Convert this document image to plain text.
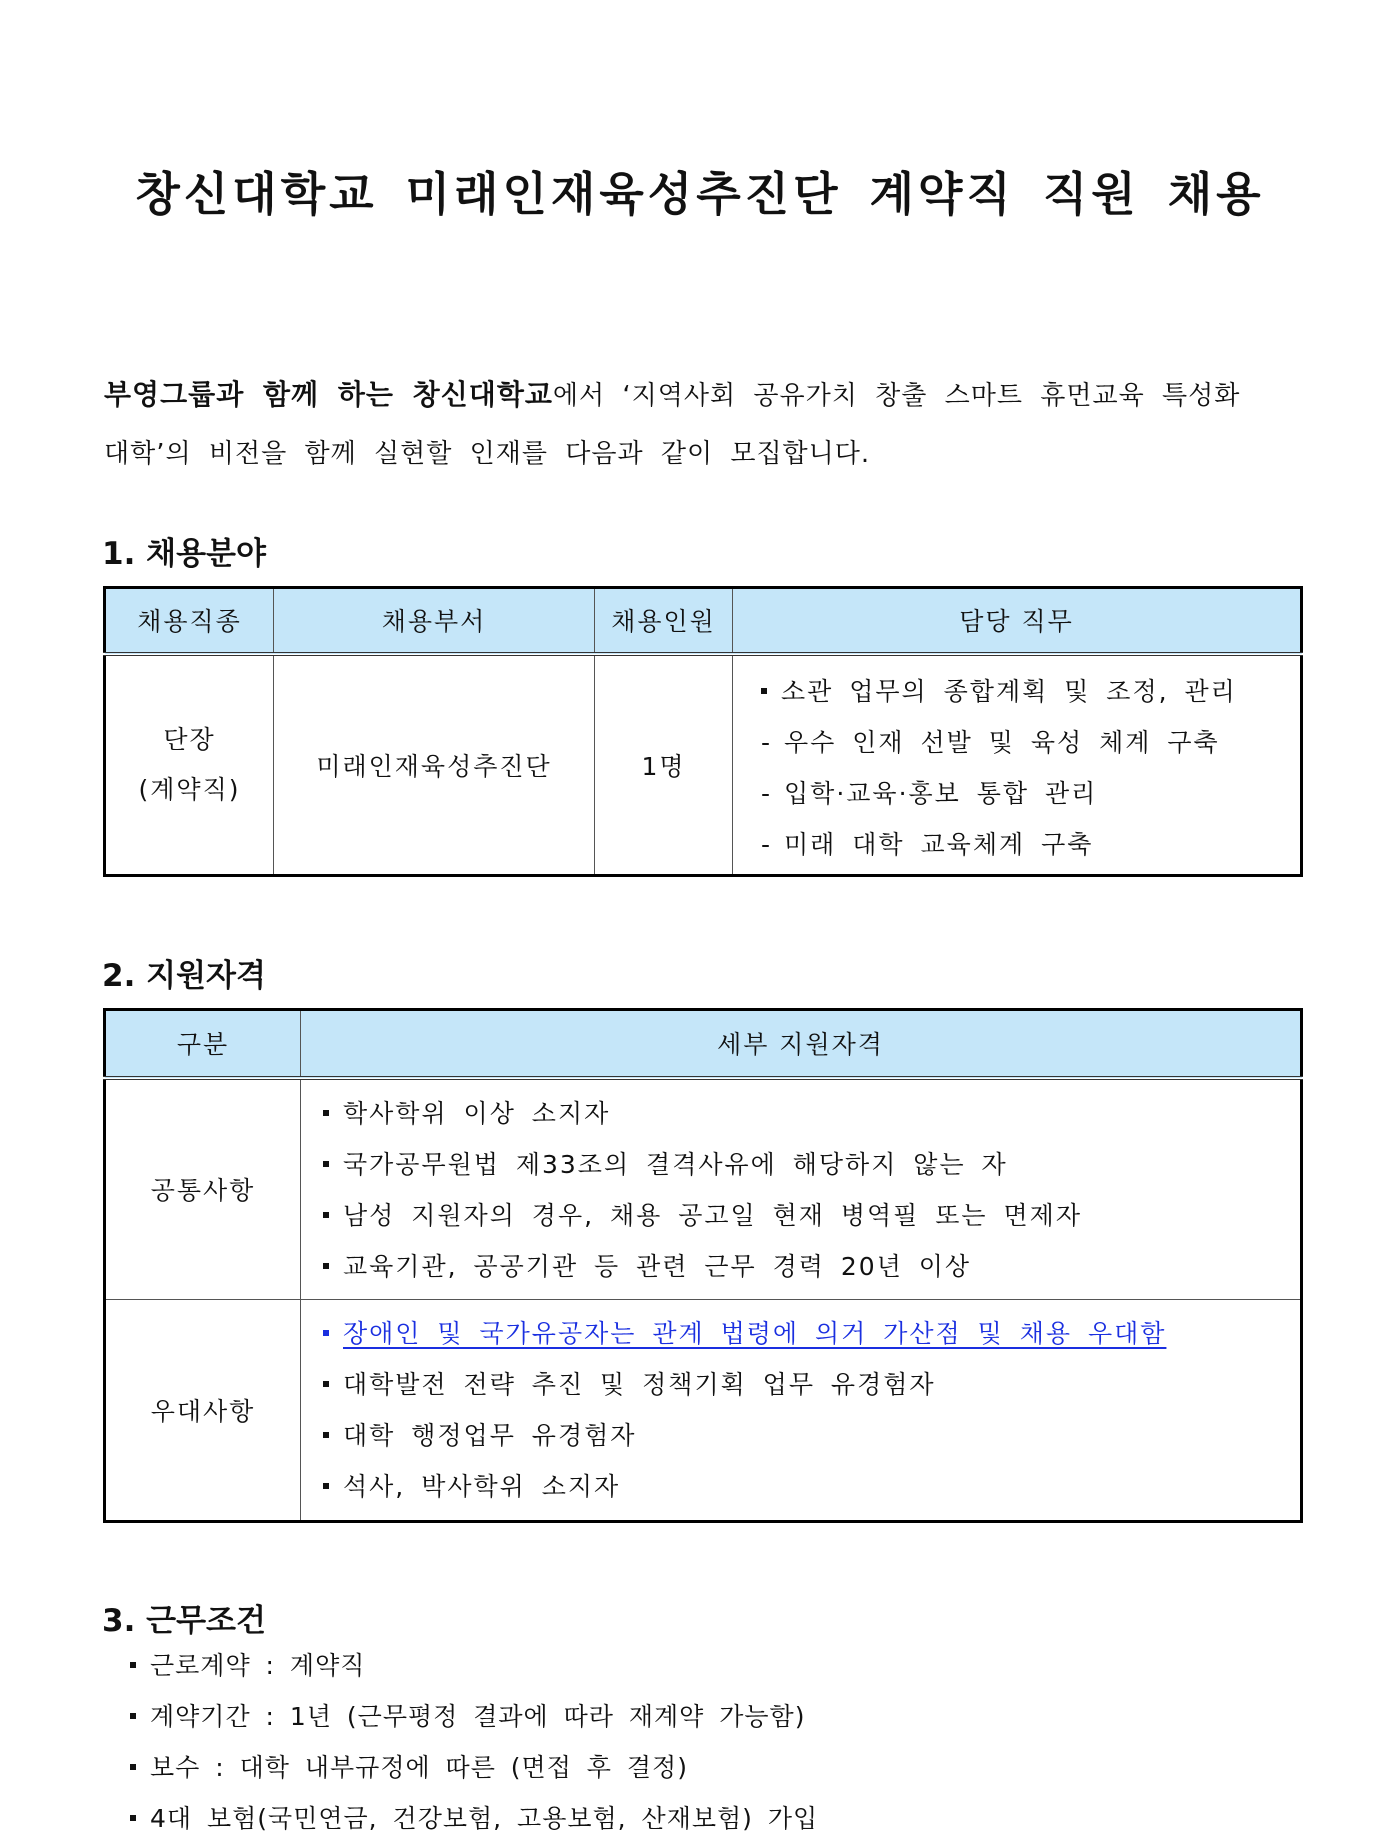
창신대학교 미래인재육성추진단 계약직 직원 채용
부영그룹과 함께 하는 창신대학교에서 ‘지역사회 공유가치 창출 스마트 휴먼교육 특성화
대학’의 비전을 함께 실현할 인재를 다음과 같이 모집합니다.
1. 채용분야
채용직종	채용부서	채용인원	담당 직무
단장
(계약직)	미래인재육성추진단	1명	소관 업무의 종합계획 및 조정, 관리
- 우수 인재 선발 및 육성 체계 구축
- 입학·교육·홍보 통합 관리
- 미래 대학 교육체계 구축
2. 지원자격
구분	세부 지원자격
공통사항	학사학위 이상 소지자
국가공무원법 제33조의 결격사유에 해당하지 않는 자
남성 지원자의 경우, 채용 공고일 현재 병역필 또는 면제자
교육기관, 공공기관 등 관련 근무 경력 20년 이상

우대사항	장애인 및 국가유공자는 관계 법령에 의거 가산점 및 채용 우대함
대학발전 전략 추진 및 정책기획 업무 유경험자
대학 행정업무 유경험자
석사, 박사학위 소지자
3. 근무조건
근로계약 : 계약직
계약기간 : 1년 (근무평정 결과에 따라 재계약 가능함)
보수 : 대학 내부규정에 따른 (면접 후 결정)
4대 보험(국민연금, 건강보험, 고용보험, 산재보험) 가입
